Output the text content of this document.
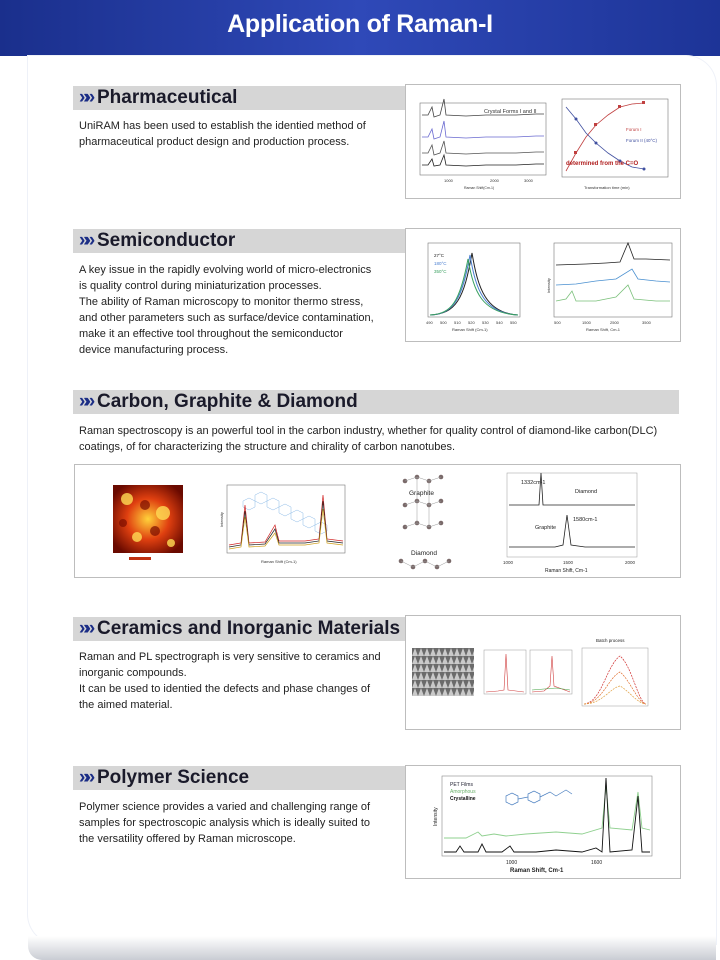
Application of Raman-I
»» Pharmaceutical

UniRAM has been used to establish the identied method of

pharmaceutical product design and production process.

Crystal Forms I and II
1000	2000	3000
Raman Shift(Cm-1)
Forum I
Forum II (40°C)
determined from the C=O
Transformation time (min)
»» Semiconductor

A key issue in the rapidly evolving world of micro-electronics

is quality control during miniaturization processes.

The ability of Raman microscopy to monitor thermo stress,

and other parameters such as surface/device contamination,

make it an effective tool throughout the semiconductor

device manufacturing process.

27°C
180°C
350°C
490 500 510 520 530 540 550
Raman Shift (Cm-1)
500	1500	2500	3500
Raman Shift, Cm-1
Intensity
»» Carbon, Graphite & Diamond

Raman spectroscopy is an powerful tool in the carbon industry, whether for quality control of diamond-like carbon(DLC)

coatings, of for characterizing the structure and chirality of carbon nanotubes.

Raman Shift (Cm-1)
Intensity
Graphite
Diamond
1332cm-1
Diamond
Graphite
1580cm-1
1000	1500	2000
Raman Shift, Cm-1
»» Ceramics and Inorganic Materials

Raman and PL spectrograph is very sensitive to ceramics and

inorganic compounds.

It can be used to identied the defects and phase changes of

the aimed material.

Batch process
»» Polymer Science

Polymer science provides a varied and challenging range of

samples for spectroscopic analysis which is ideally suited to

the versatility offered by Raman microscope.

PET Films
Amorphous
Crystalline
Intensity
1000	1600
Raman Shift, Cm-1
